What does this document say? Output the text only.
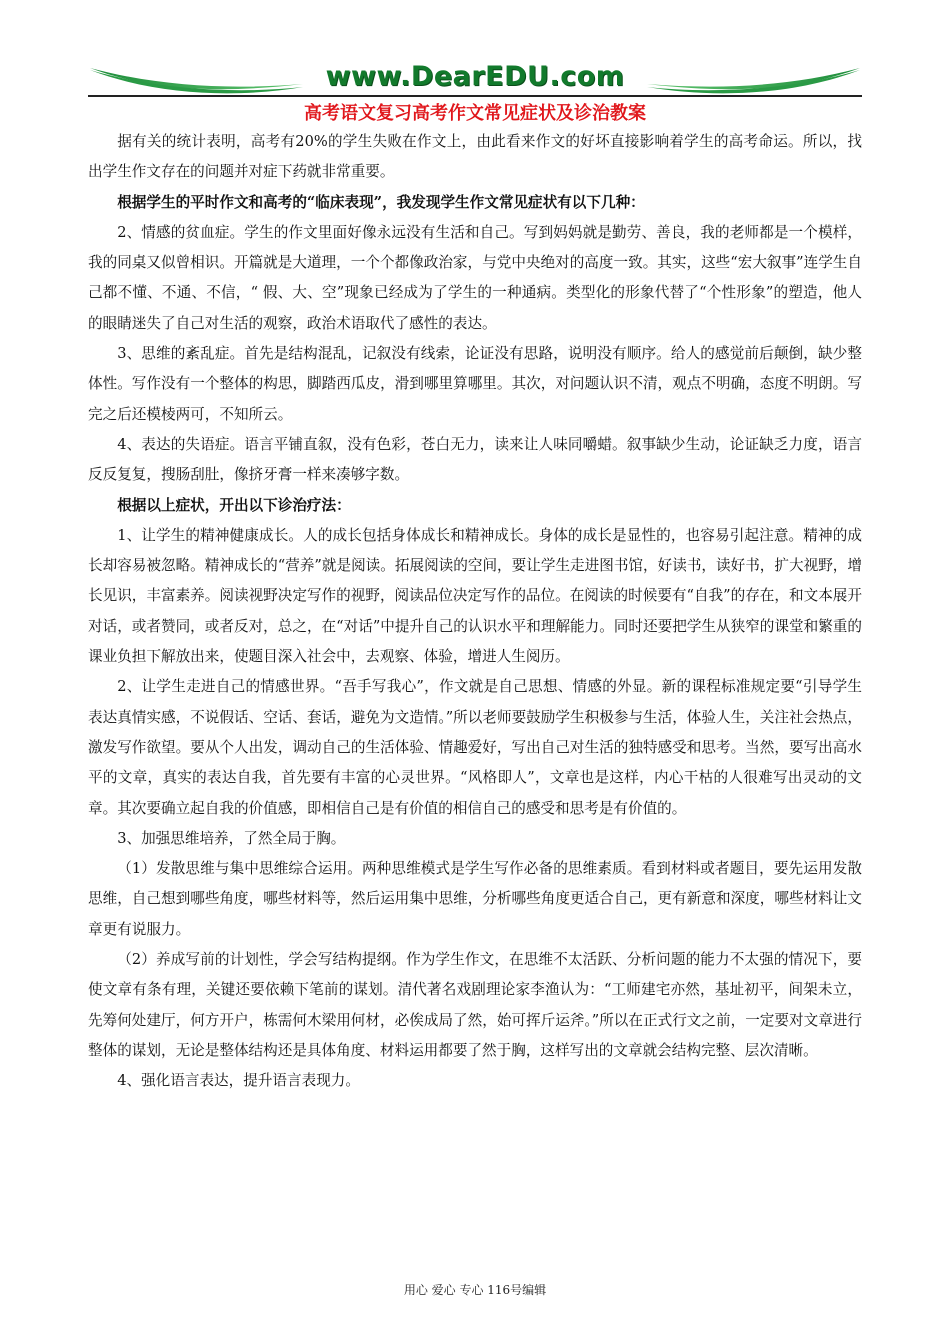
www.DearEDU.com
高考语文复习高考作文常见症状及诊治教案

据有关的统计表明，高考有20%的学生失败在作文上，由此看来作文的好坏直接影响着学生的高考命运。所以，找出学生作文存在的问题并对症下药就非常重要。

根据学生的平时作文和高考的“临床表现”，我发现学生作文常见症状有以下几种：

2、情感的贫血症。学生的作文里面好像永远没有生活和自己。写到妈妈就是勤劳、善良，我的老师都是一个模样，我的同桌又似曾相识。开篇就是大道理，一个个都像政治家，与党中央绝对的高度一致。其实，这些“宏大叙事”连学生自己都不懂、不通、不信，“ 假、大、空”现象已经成为了学生的一种通病。类型化的形象代替了“个性形象”的塑造，他人的眼睛迷失了自己对生活的观察，政治术语取代了感性的表达。

3、思维的紊乱症。首先是结构混乱，记叙没有线索，论证没有思路，说明没有顺序。给人的感觉前后颠倒，缺少整体性。写作没有一个整体的构思，脚踏西瓜皮，滑到哪里算哪里。其次，对问题认识不清，观点不明确，态度不明朗。写完之后还模棱两可，不知所云。

4、表达的失语症。语言平铺直叙，没有色彩，苍白无力，读来让人味同嚼蜡。叙事缺少生动，论证缺乏力度，语言反反复复，搜肠刮肚，像挤牙膏一样来凑够字数。

根据以上症状，开出以下诊治疗法：

1、让学生的精神健康成长。人的成长包括身体成长和精神成长。身体的成长是显性的，也容易引起注意。精神的成长却容易被忽略。精神成长的“营养”就是阅读。拓展阅读的空间，要让学生走进图书馆，好读书，读好书，扩大视野，增长见识，丰富素养。阅读视野决定写作的视野，阅读品位决定写作的品位。在阅读的时候要有“自我”的存在，和文本展开对话，或者赞同，或者反对，总之，在“对话”中提升自己的认识水平和理解能力。同时还要把学生从狭窄的课堂和繁重的课业负担下解放出来，使题目深入社会中，去观察、体验，增进人生阅历。

2、让学生走进自己的情感世界。“吾手写我心”，作文就是自己思想、情感的外显。新的课程标准规定要“引导学生表达真情实感，不说假话、空话、套话，避免为文造情。”所以老师要鼓励学生积极参与生活，体验人生，关注社会热点，激发写作欲望。要从个人出发，调动自己的生活体验、情趣爱好，写出自己对生活的独特感受和思考。当然，要写出高水平的文章，真实的表达自我，首先要有丰富的心灵世界。“风格即人”，文章也是这样，内心干枯的人很难写出灵动的文章。其次要确立起自我的价值感，即相信自己是有价值的相信自己的感受和思考是有价值的。

3、加强思维培养，了然全局于胸。

（1）发散思维与集中思维综合运用。两种思维模式是学生写作必备的思维素质。看到材料或者题目，要先运用发散思维，自己想到哪些角度，哪些材料等，然后运用集中思维，分析哪些角度更适合自己，更有新意和深度，哪些材料让文章更有说服力。

（2）养成写前的计划性，学会写结构提纲。作为学生作文，在思维不太活跃、分析问题的能力不太强的情况下，要使文章有条有理，关键还要依赖下笔前的谋划。清代著名戏剧理论家李渔认为：“工师建宅亦然，基址初平，间架未立，先筹何处建厅，何方开户，栋需何木梁用何材，必俟成局了然，始可挥斤运斧。”所以在正式行文之前，一定要对文章进行整体的谋划，无论是整体结构还是具体角度、材料运用都要了然于胸，这样写出的文章就会结构完整、层次清晰。

4、强化语言表达，提升语言表现力。

用心 爱心 专心 116号编辑
